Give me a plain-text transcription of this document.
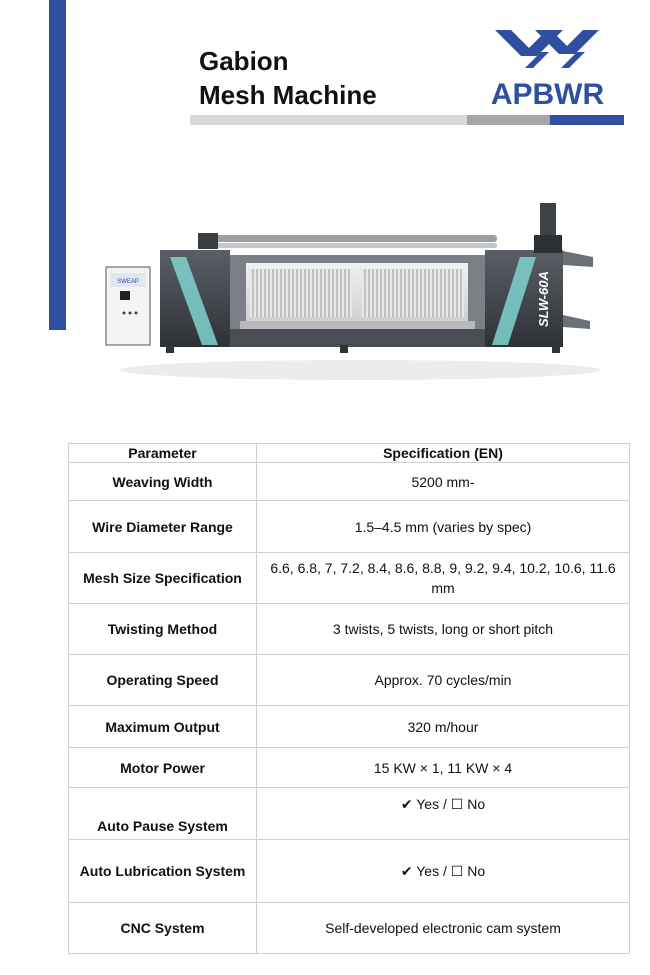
Gabion
Mesh Machine	APBWR
SWEAP	SLW-60A
Parameter	Specification (EN)
Weaving Width	5200 mm-
Wire Diameter Range	1.5–4.5 mm (varies by spec)
Mesh Size Specification	6.6, 6.8, 7, 7.2, 8.4, 8.6, 8.8, 9, 9.2, 9.4, 10.2, 10.6, 11.6 mm
Twisting Method	3 twists, 5 twists, long or short pitch
Operating Speed	Approx. 70 cycles/min
Maximum Output	320 m/hour
Motor Power	15 KW × 1, 11 KW × 4
Auto Pause System	✔ Yes / ☐ No
Auto Lubrication System	✔ Yes / ☐ No
CNC System	Self-developed electronic cam system
